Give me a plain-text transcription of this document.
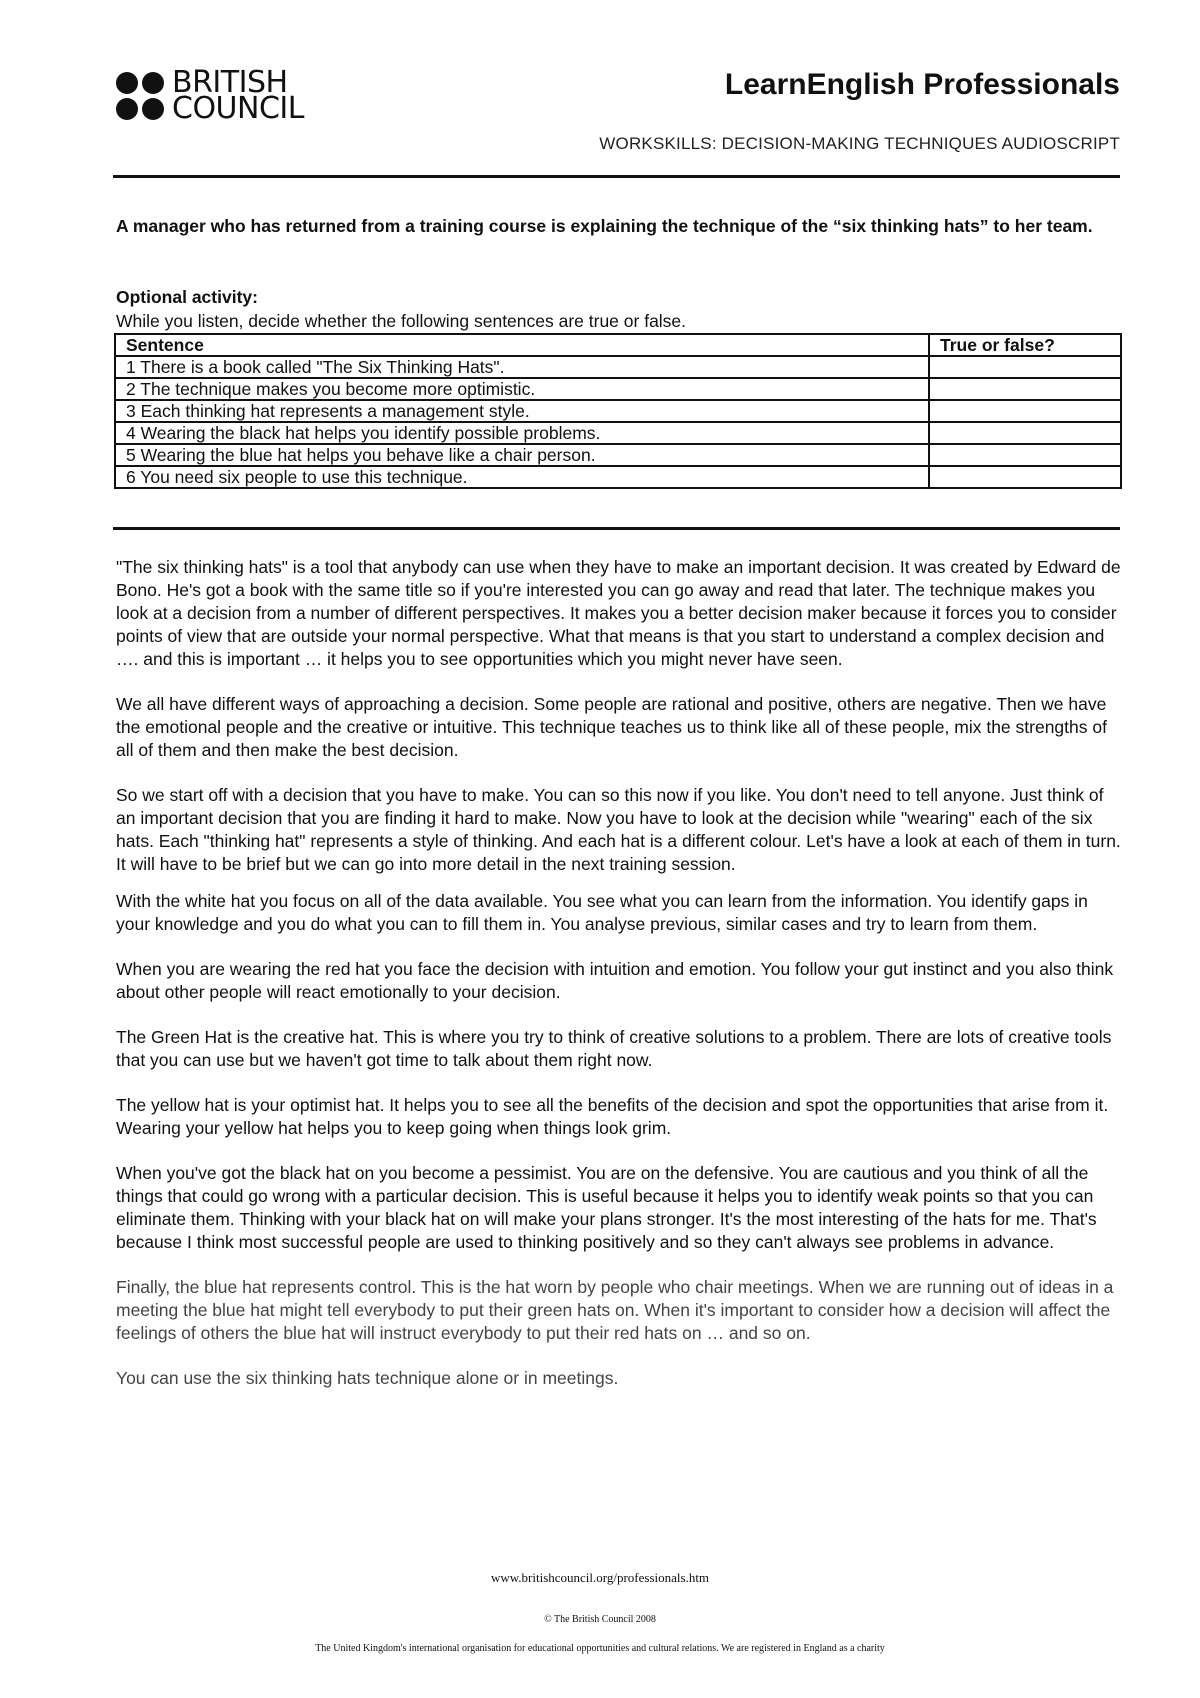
BRITISH
COUNCIL
LearnEnglish Professionals
WORKSKILLS: DECISION-MAKING TECHNIQUES AUDIOSCRIPT
A manager who has returned from a training course is explaining the technique of the “six thinking hats” to her team.
Optional activity:
While you listen, decide whether the following sentences are true or false.
Sentence	True or false?
1 There is a book called "The Six Thinking Hats".	
2 The technique makes you become more optimistic.	
3 Each thinking hat represents a management style.	
4 Wearing the black hat helps you identify possible problems.	
5 Wearing the blue hat helps you behave like a chair person.	
6 You need six people to use this technique.	

"The six thinking hats" is a tool that anybody can use when they have to make an important decision. It was created by Edward de Bono. He's got a book with the same title so if you're interested you can go away and read that later. The technique makes you look at a decision from a number of different perspectives. It makes you a better decision maker because it forces you to consider points of view that are outside your normal perspective. What that means is that you start to understand a complex decision and …. and this is important … it helps you to see opportunities which you might never have seen.

We all have different ways of approaching a decision. Some people are rational and positive, others are negative. Then we have the emotional people and the creative or intuitive. This technique teaches us to think like all of these people, mix the strengths of all of them and then make the best decision.

So we start off with a decision that you have to make. You can so this now if you like. You don't need to tell anyone. Just think of an important decision that you are finding it hard to make. Now you have to look at the decision while "wearing" each of the six hats. Each "thinking hat" represents a style of thinking. And each hat is a different colour. Let's have a look at each of them in turn. It will have to be brief but we can go into more detail in the next training session.

With the white hat you focus on all of the data available. You see what you can learn from the information. You identify gaps in your knowledge and you do what you can to fill them in. You analyse previous, similar cases and try to learn from them.

When you are wearing the red hat you face the decision with intuition and emotion. You follow your gut instinct and you also think about other people will react emotionally to your decision.

The Green Hat is the creative hat. This is where you try to think of creative solutions to a problem. There are lots of creative tools that you can use but we haven't got time to talk about them right now.

The yellow hat is your optimist hat. It helps you to see all the benefits of the decision and spot the opportunities that arise from it. Wearing your yellow hat helps you to keep going when things look grim.

When you've got the black hat on you become a pessimist. You are on the defensive. You are cautious and you think of all the things that could go wrong with a particular decision. This is useful because it helps you to identify weak points so that you can eliminate them. Thinking with your black hat on will make your plans stronger. It's the most interesting of the hats for me. That's because I think most successful people are used to thinking positively and so they can't always see problems in advance.

Finally, the blue hat represents control. This is the hat worn by people who chair meetings. When we are running out of ideas in a meeting the blue hat might tell everybody to put their green hats on. When it's important to consider how a decision will affect the feelings of others the blue hat will instruct everybody to put their red hats on … and so on.

You can use the six thinking hats technique alone or in meetings.

www.britishcouncil.org/professionals.htm
© The British Council 2008
The United Kingdom's international organisation for educational opportunities and cultural relations. We are registered in England as a charity
